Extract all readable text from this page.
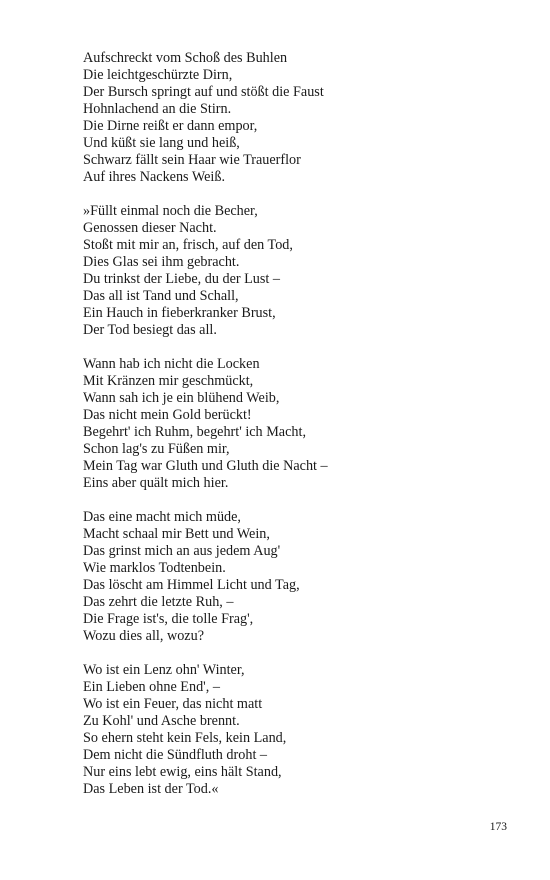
Aufschreckt vom Schoß des Buhlen
Die leichtgeschürzte Dirn,
Der Bursch springt auf und stößt die Faust
Hohnlachend an die Stirn.
Die Dirne reißt er dann empor,
Und küßt sie lang und heiß,
Schwarz fällt sein Haar wie Trauerflor
Auf ihres Nackens Weiß.
»Füllt einmal noch die Becher,
Genossen dieser Nacht.
Stoßt mit mir an, frisch, auf den Tod,
Dies Glas sei ihm gebracht.
Du trinkst der Liebe, du der Lust –
Das all ist Tand und Schall,
Ein Hauch in fieberkranker Brust,
Der Tod besiegt das all.
Wann hab ich nicht die Locken
Mit Kränzen mir geschmückt,
Wann sah ich je ein blühend Weib,
Das nicht mein Gold berückt!
Begehrt' ich Ruhm, begehrt' ich Macht,
Schon lag's zu Füßen mir,
Mein Tag war Gluth und Gluth die Nacht –
Eins aber quält mich hier.
Das eine macht mich müde,
Macht schaal mir Bett und Wein,
Das grinst mich an aus jedem Aug'
Wie marklos Todtenbein.
Das löscht am Himmel Licht und Tag,
Das zehrt die letzte Ruh, –
Die Frage ist's, die tolle Frag',
Wozu dies all, wozu?
Wo ist ein Lenz ohn' Winter,
Ein Lieben ohne End', –
Wo ist ein Feuer, das nicht matt
Zu Kohl' und Asche brennt.
So ehern steht kein Fels, kein Land,
Dem nicht die Sündfluth droht –
Nur eins lebt ewig, eins hält Stand,
Das Leben ist der Tod.«
173
